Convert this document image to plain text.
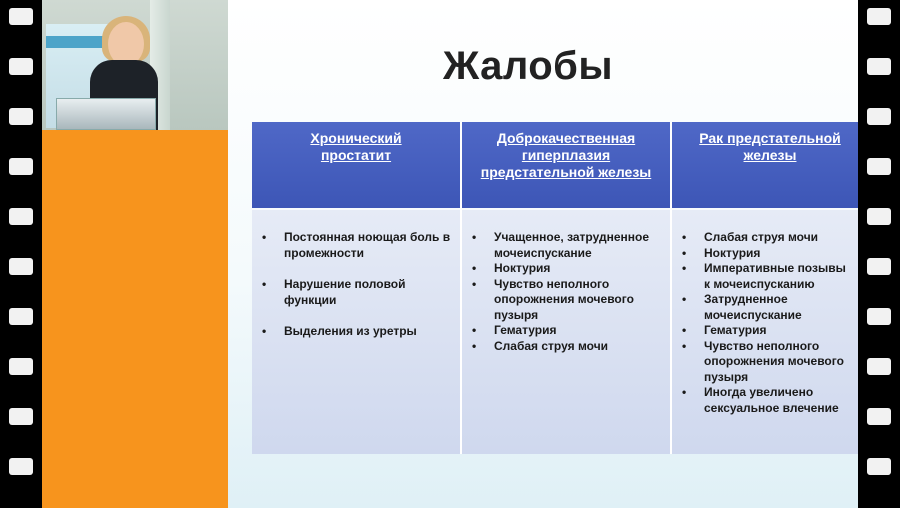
Жалобы
Хронический простатит
• Постоянная ноющая боль в промежности
• Нарушение половой функции
• Выделения из уретры
Доброкачественная гиперплазия предстательной железы
• Учащенное, затрудненное мочеиспускание
• Ноктурия
• Чувство неполного опорожнения мочевого пузыря
• Гематурия
• Слабая струя мочи
Рак предстательной железы
• Слабая струя мочи
• Ноктурия
• Императивные позывы к мочеиспусканию
• Затрудненное мочеиспускание
• Гематурия
• Чувство неполного опорожнения мочевого пузыря
• Иногда увеличено сексуальное влечение
